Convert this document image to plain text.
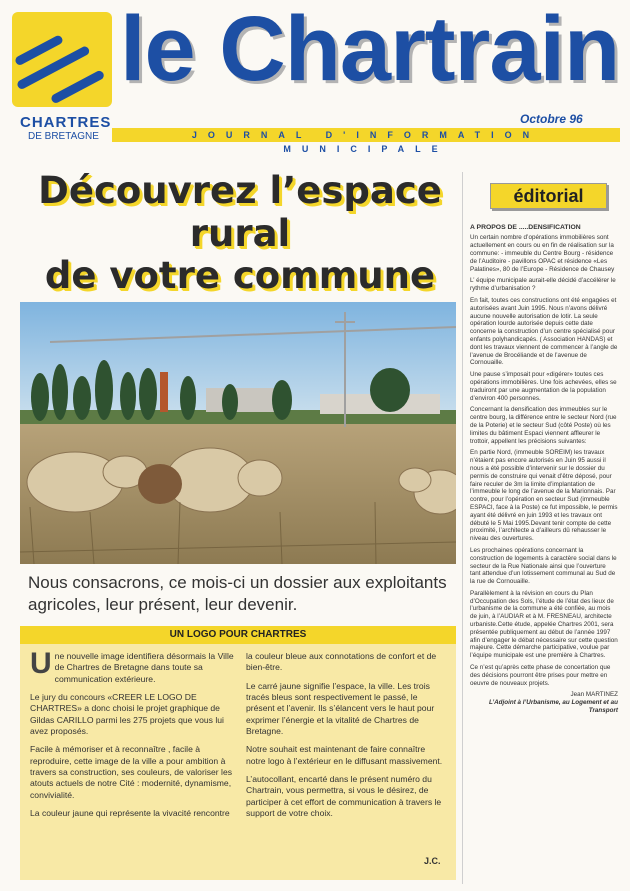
le Chartrain
CHARTRES
DE BRETAGNE
Octobre 96
JOURNAL D'INFORMATION MUNICIPALE
Découvrez l’espace rural
de votre commune
Nous consacrons, ce mois-ci un dossier aux exploitants agricoles, leur présent, leur devenir.
UN LOGO POUR CHARTRES

Une nouvelle image identifiera désormais la Ville de Chartres de Bretagne dans toute sa communication extérieure.

Le jury du concours «CREER LE LOGO DE CHARTRES» a donc choisi le projet graphique de Gildas CARILLO parmi les 275 projets que vous lui avez proposés.

Facile à mémoriser et à reconnaître , facile à reproduire, cette image de la ville a pour ambition à travers sa construction, ses couleurs, de valoriser les atouts actuels de notre Cité : modernité, dynamisme, convivialité.

La couleur jaune qui représente la vivacité rencontre

la couleur bleue aux connotations de confort et de bien-être.

Le carré jaune signifie l’espace, la ville. Les trois tracés bleus sont respectivement le passé, le présent et l’avenir. Ils s’élancent vers le haut pour exprimer l’énergie et la vitalité de Chartres de Bretagne.

Notre souhait est maintenant de faire connaître notre logo à l’extérieur en le diffusant massivement.

L’autocollant, encarté dans le présent numéro du Chartrain, vous permettra, si vous le désirez, de participer à cet effort de communication à travers le support de votre choix.

J.C.
éditorial

A PROPOS DE .....DENSIFICATION

Un certain nombre d’opérations immobilières sont actuellement en cours ou en fin de réalisation sur la commune: - immeuble du Centre Bourg - résidence de l’Auditoire - pavillons OPAC et résidence «Les Palatines», 80 de l’Europe - Résidence de Chausey

L’ équipe municipale aurait-elle décidé d’accélérer le rythme d’urbanisation ?

En fait, toutes ces constructions ont été engagées et autorisées avant Juin 1995. Nous n’avons délivré aucune nouvelle autorisation de lotir. La seule opération lourde autorisée depuis cette date concerne la construction d’un centre spécialisé pour enfants polyhandicapés. ( Association HANDAS) et dont les travaux viennent de commencer à l’angle de l’avenue de Brocéliande et de l’avenue de Cornouaille.

Une pause s’imposait pour «digérer» toutes ces opérations immobilières. Une fois achevées, elles se traduiront par une augmentation de la population d’environ 400 personnes.

Concernant la densification des immeubles sur le centre bourg, la différence entre le secteur Nord (rue de la Poterie) et le secteur Sud (côté Poste) où les limites du bâtiment Espaci viennent affleurer le trottoir, appellent les précisions suivantes:

En partie Nord, (immeuble SOREIM) les travaux n’étaient pas encore autorisés en Juin 95 aussi il nous a été possible d’intervenir sur le dossier du permis de construire qui venait d’être déposé, pour faire reculer de 3m la limite d’implantation de l’immeuble le long de l’avenue de la Marionnais. Par contre, pour l’opération en secteur Sud (immeuble ESPACI, face à la Poste) ce fut impossible, le permis ayant été délivré en juin 1993 et les travaux ont débuté le 5 Mai 1995.Devant tenir compte de cette proximité, l’architecte a d’ailleurs dû rehausser le niveau des ouvertures.

Les prochaines opérations concernant la construction de logements à caractère social dans le secteur de la Rue Nationale ainsi que l’ouverture tant attendue d’un lotissement communal au Sud de la rue de Cornouaille.

Parallèlement à la révision en cours du Plan d’Occupation des Sols, l’étude de l’état des lieux de l’urbanisme de la commune a été confiée, au mois de juin, à l’AUDIAR et à M. FRESNEAU, architecte urbaniste.Cette étude, appelée Chartres 2001, sera présentée publiquement au début de l’année 1997 afin d’engager le débat nécessaire sur cette question majeure. Cette démarche participative, voulue par l’équipe municipale est une première à Chartres.

Ce n’est qu’après cette phase de concertation que des décisions pourront être prises pour mettre en oeuvre de nouveaux projets.

Jean MARTINEZ

L’Adjoint à l’Urbanisme, au Logement et au Transport
